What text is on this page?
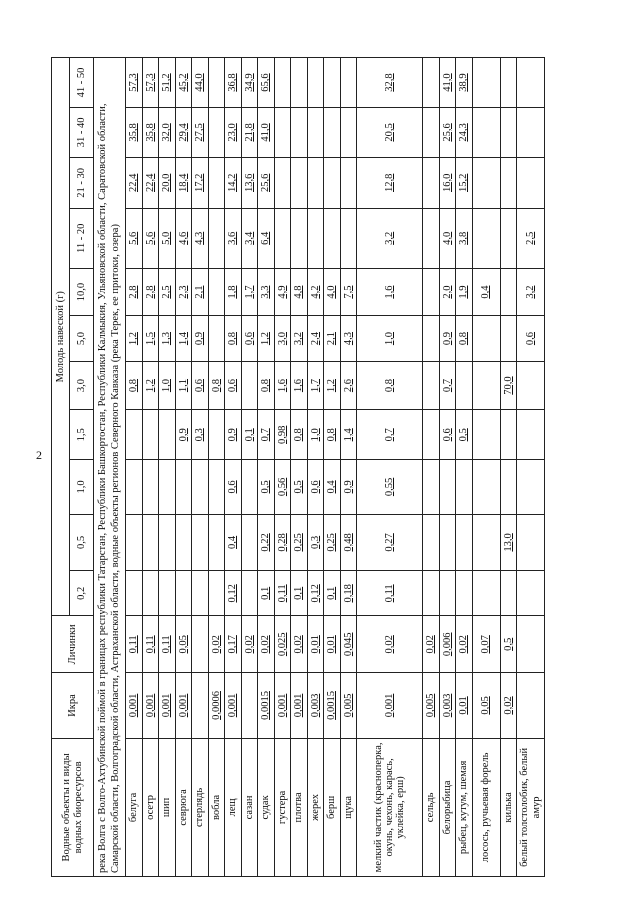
2
Водные объекты и виды водных биоресурсов	Икра	Личинки	Молодь навеской (г)										
			0,2	0,5	1,0	1,5	3,0	5,0	10,0	11 - 20	21 - 30	31 - 40	41 - 50
река Волга с Волго-Ахтубинской поймой в границах республики Татарстан, Республики Башкортостан, Республики Калмыкия, Ульяновской области, Саратовской области, Самарской области, Волгоградской области, Астраханской области, водные объекты регионов Северного Кавказа (река Терек, ее притоки, озера)													
белуга	0,001	0,11					0,8	1,2	2,8	5,6	22,4	35,8	57,3
осетр	0,001	0,11					1,2	1,5	2,8	5,6	22,4	35,8	57,3
шип	0,001	0,11					1,0	1,3	2,5	5,0	20,0	32,0	51,2
севрюга	0,001	0,05				0,9	1,1	1,4	2,3	4,6	18,4	29,4	45,2
стерлядь						0,3	0,6	0,9	2,1	4,3	17,2	27,5	44,0
вобла	0,0006	0,02					0,8						
лещ	0,001	0,17	0,12	0,4	0,6	0,9	0,6	0,8	1,8	3,6	14,2	23,0	36,8
сазан		0,02				0,1		0,6	1,7	3,4	13,6	21,8	34,9
судак	0,0015	0,02	0,1	0,22	0,5	0,7	0,8	1,2	3,3	6,4	25,6	41,0	65,6
густера	0,001	0,025	0,11	0,28	0,56	0,98	1,6	3,0	4,9				
плотва	0,001	0,02	0,1	0,25	0,5	0,8	1,6	3,2	4,8				
жерех	0,003	0,01	0,12	0,3	0,6	1,0	1,7	2,4	4,2				
берш	0,0015	0,01	0,1	0,25	0,4	0,8	1,2	2,1	4,0				
щука	0,005	0,045	0,18	0,48	0,9	1,4	2,6	4,3	7,5				
мелкий частик (красноперка, окунь, чехонь, карась, уклейка, ерш)	0,001	0,02	0,11	0,27	0,55	0,7	0,8	1,0	1,6	3,2	12,8	20,5	32,8
сельдь	0,005	0,02											
белорыбица	0,003	0,006				0,6	0,7	0,9	2,0	4,0	16,0	25,6	41,0
рыбец, кутум, шемая	0,01	0,02				0,5		0,8	1,9	3,8	15,2	24,3	38,9
лосось, ручьевая форель	0,05	0,07							0,4				
килька	0,02	0,5		13,0			70,0						
белый толстолобик, белый амур								0,6	3,2	2,5			
